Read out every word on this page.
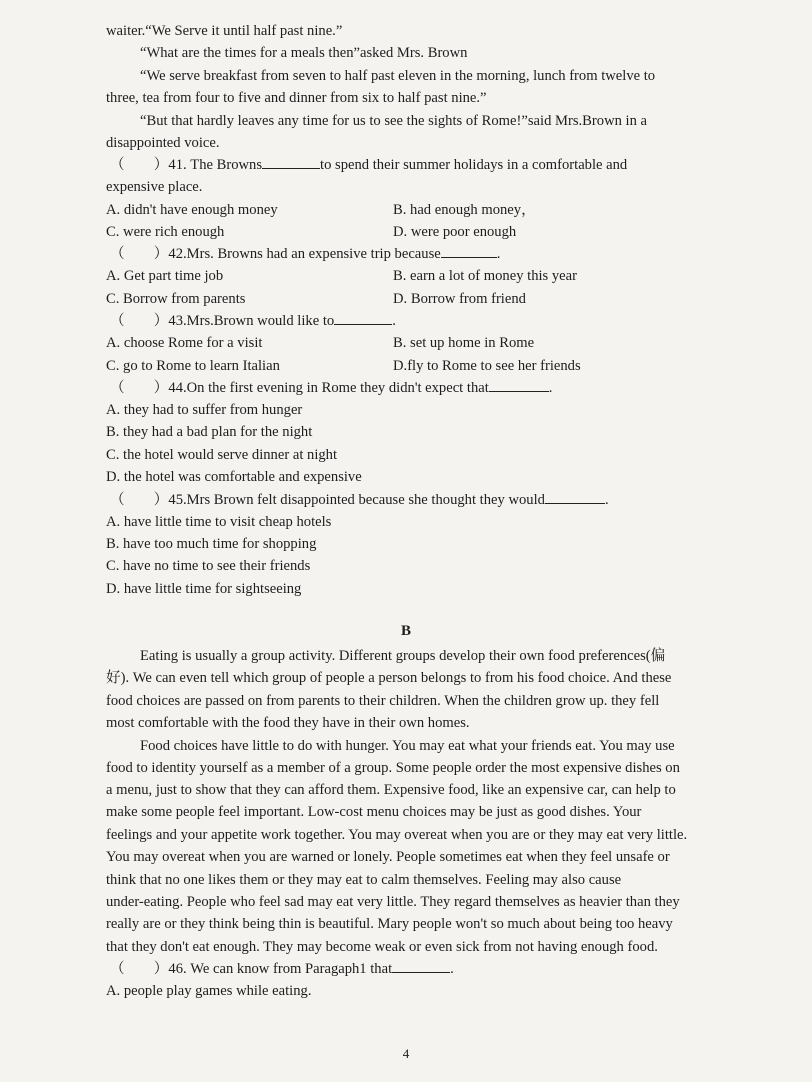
waiter.“We Serve it until half past nine.”
“What are the times for a meals then”asked Mrs. Brown
“We serve breakfast from seven to half past eleven in the morning, lunch from twelve to
three, tea from four to five and dinner from six to half past nine.”
“But that hardly leaves any time for us to see the sights of Rome!”said Mrs.Brown in a
disappointed voice.
（　　）41. The Browns	to spend their summer holidays in a comfortable and
expensive place.
A. didn't have enough money	B. had enough money，
C. were rich enough	D. were poor enough
（　　）42.Mrs. Browns had an expensive trip because	.
A. Get part time job	B. earn a lot of money this year
C. Borrow from parents	D. Borrow from friend
（　　）43.Mrs.Brown would like to	.
A. choose Rome for a visit	B. set up home in Rome
C. go to Rome to learn Italian	D.fly to Rome to see her friends
（　　）44.On the first evening in Rome they didn't expect that	.
A. they had to suffer from hunger
B. they had a bad plan for the night
C. the hotel would serve dinner at night
D. the hotel was comfortable and expensive
（　　）45.Mrs Brown felt disappointed because she thought they would	.
A. have little time to visit cheap hotels
B. have too much time for shopping
C. have no time to see their friends
D. have little time for sightseeing
B
Eating is usually a group activity. Different groups develop their own food preferences(偏
好). We can even tell which group of people a person belongs to from his food choice. And these
food choices are passed on from parents to their children. When the children grow up. they fell
most comfortable with the food they have in their own homes.
Food choices have little to do with hunger. You may eat what your friends eat. You may use
food to identity yourself as a member of a group. Some people order the most expensive dishes on
a menu, just to show that they can afford them. Expensive food, like an expensive car, can help to
make some people feel important. Low-cost menu choices may be just as good dishes. Your
feelings and your appetite work together. You may overeat when you are or they may eat very little.
You may overeat when you are warned or lonely. People sometimes eat when they feel unsafe or
think that no one likes them or they may eat to calm themselves. Feeling may also cause
under-eating. People who feel sad may eat very little. They regard themselves as heavier than they
really are or they think being thin is beautiful. Mary people won't so much about being too heavy
that they don't eat enough. They may become weak or even sick from not having enough food.
（　　）46. We can know from Paragaph1 that	.
A. people play games while eating.
4
